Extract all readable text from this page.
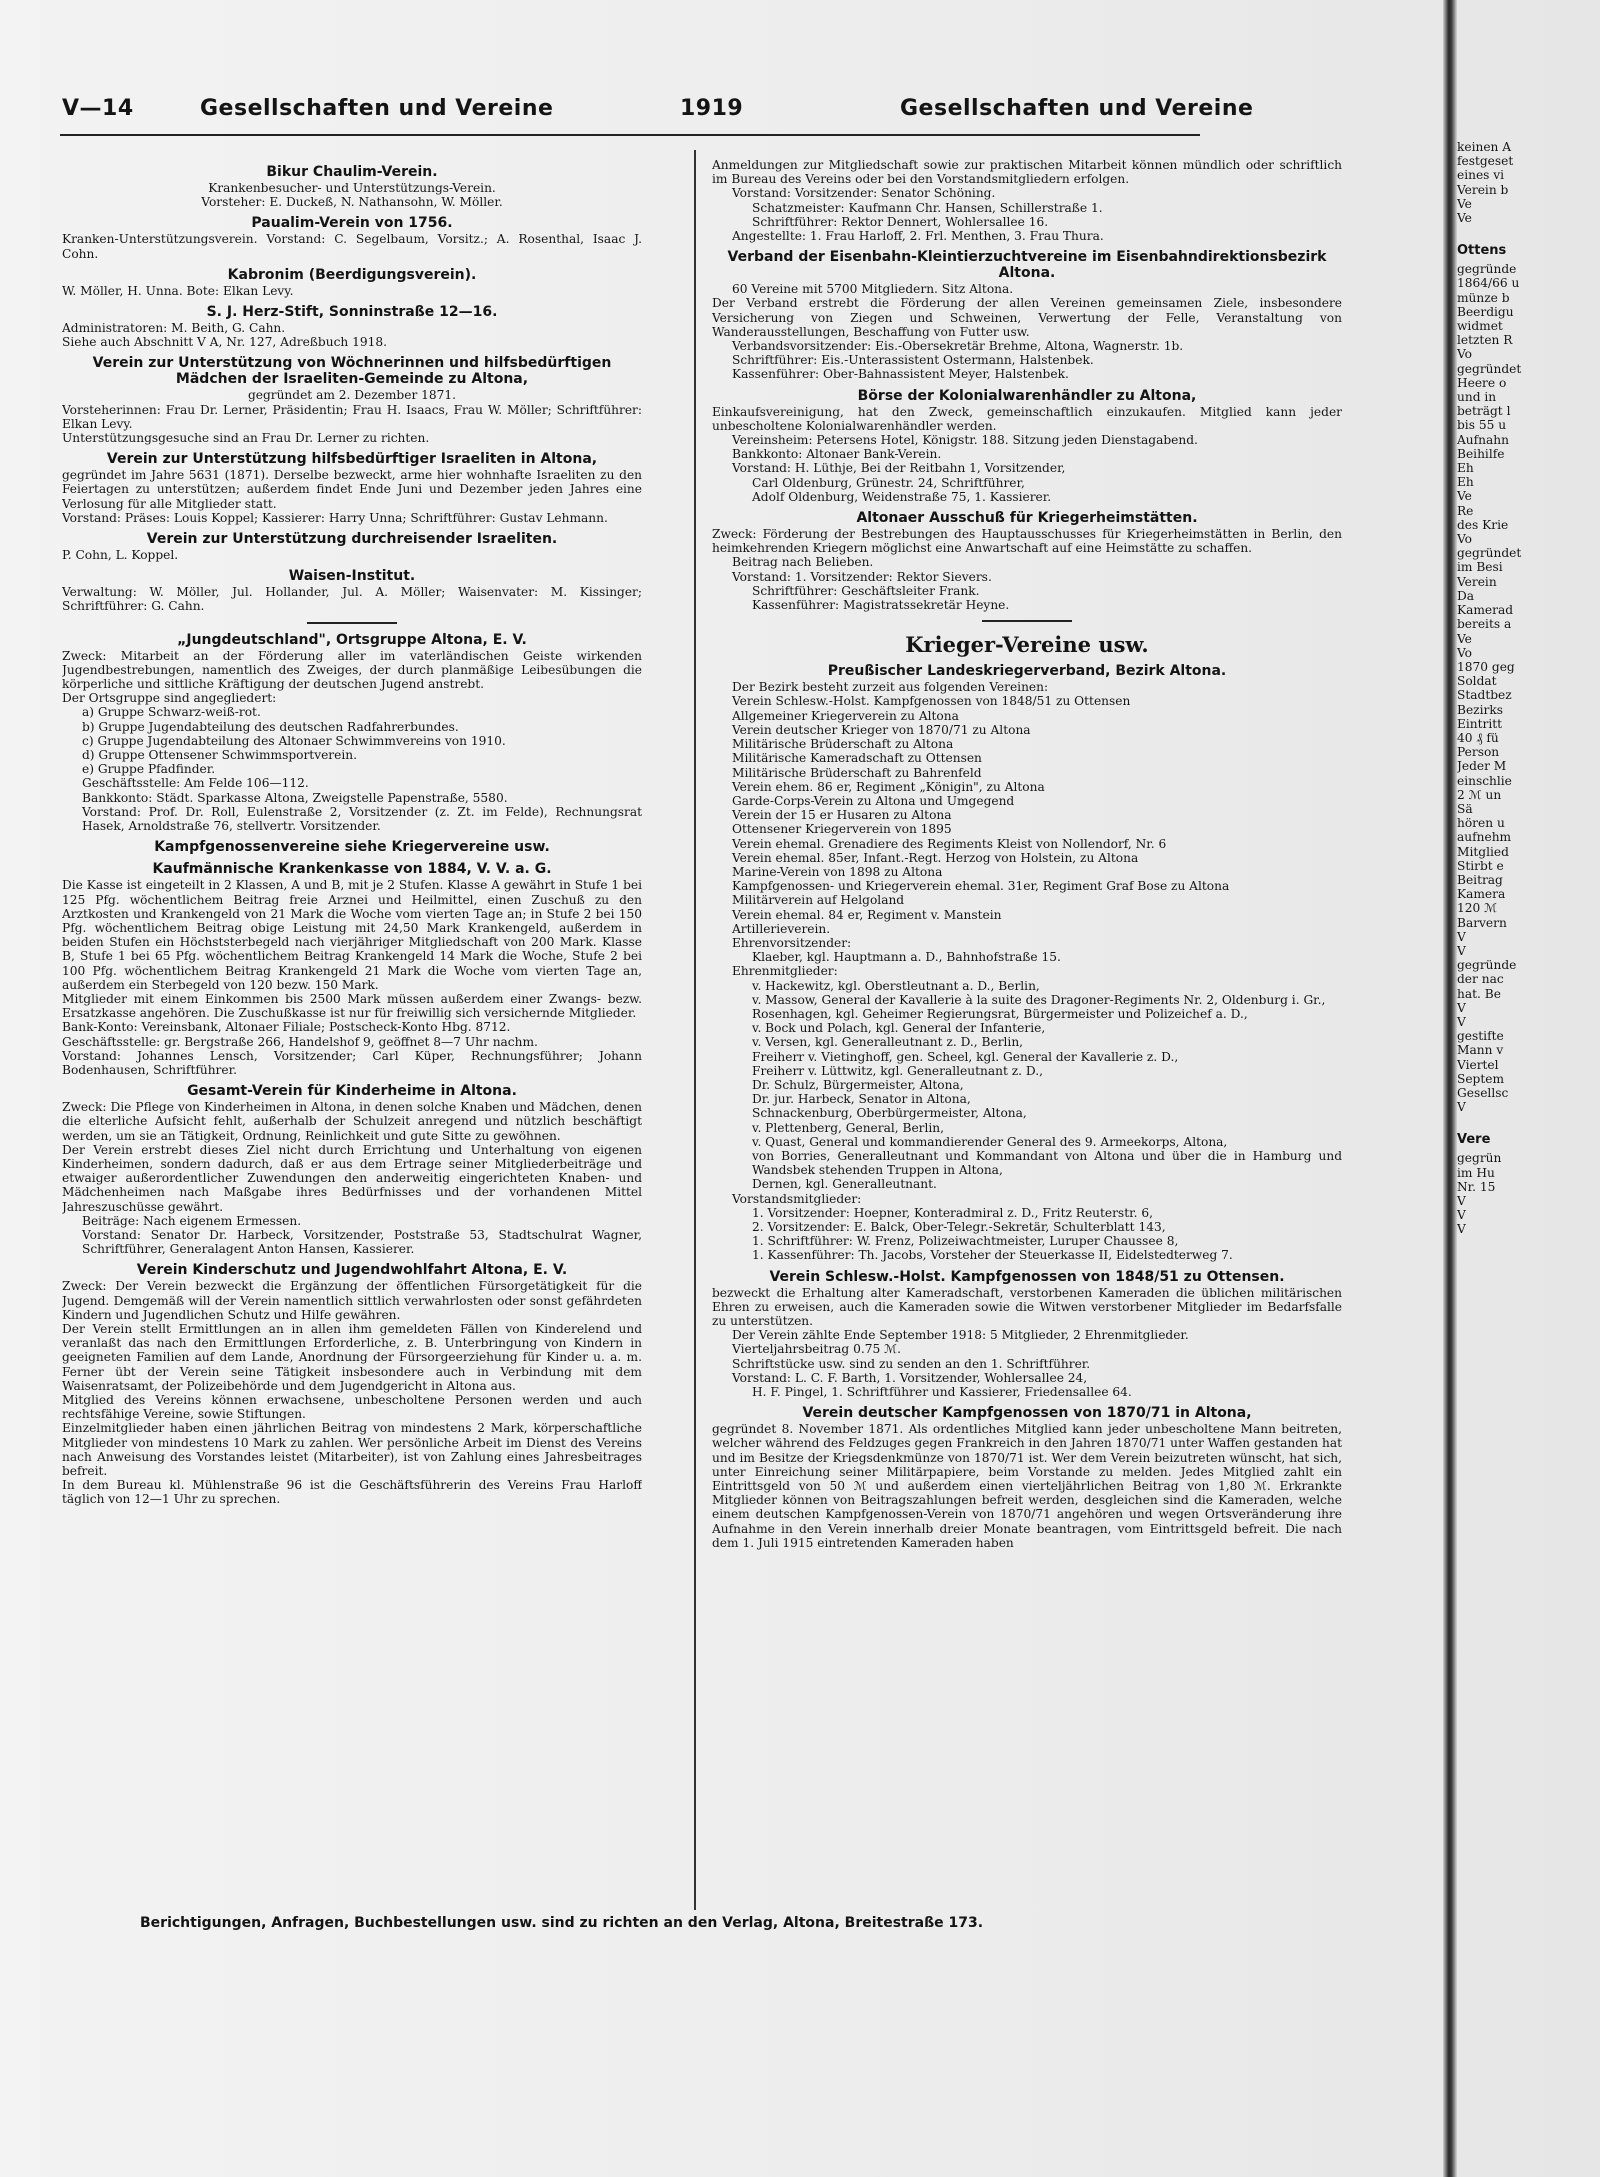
V—14	Gesellschaften und Vereine	1919	Gesellschaften und Vereine

Bikur Chaulim-Verein.

Krankenbesucher- und Unterstützungs-Verein.

Vorsteher: E. Duckeß, N. Nathansohn, W. Möller.

Paualim-Verein von 1756.

Kranken-Unterstützungsverein. Vorstand: C. Segelbaum, Vorsitz.; A. Rosenthal, Isaac J. Cohn.

Kabronim (Beerdigungsverein).

W. Möller, H. Unna. Bote: Elkan Levy.

S. J. Herz-Stift, Sonninstraße 12—16.

Administratoren: M. Beith, G. Cahn.

Siehe auch Abschnitt V A, Nr. 127, Adreßbuch 1918.

Verein zur Unterstützung von Wöchnerinnen und hilfsbedürftigen Mädchen der Israeliten-Gemeinde zu Altona,

gegründet am 2. Dezember 1871.

Vorsteherinnen: Frau Dr. Lerner, Präsidentin; Frau H. Isaacs, Frau W. Möller; Schriftführer: Elkan Levy.

Unterstützungsgesuche sind an Frau Dr. Lerner zu richten.

Verein zur Unterstützung hilfsbedürftiger Israeliten in Altona,

gegründet im Jahre 5631 (1871). Derselbe bezweckt, arme hier wohnhafte Israeliten zu den Feiertagen zu unterstützen; außerdem findet Ende Juni und Dezember jeden Jahres eine Verlosung für alle Mitglieder statt.

Vorstand: Präses: Louis Koppel; Kassierer: Harry Unna; Schriftführer: Gustav Lehmann.

Verein zur Unterstützung durchreisender Israeliten.

P. Cohn, L. Koppel.

Waisen-Institut.

Verwaltung: W. Möller, Jul. Hollander, Jul. A. Möller; Waisenvater: M. Kissinger; Schriftführer: G. Cahn.

„Jungdeutschland", Ortsgruppe Altona, E. V.

Zweck: Mitarbeit an der Förderung aller im vaterländischen Geiste wirkenden Jugendbestrebungen, namentlich des Zweiges, der durch planmäßige Leibesübungen die körperliche und sittliche Kräftigung der deutschen Jugend anstrebt.

Der Ortsgruppe sind angegliedert:

a) Gruppe Schwarz-weiß-rot.

b) Gruppe Jugendabteilung des deutschen Radfahrerbundes.

c) Gruppe Jugendabteilung des Altonaer Schwimmvereins von 1910.

d) Gruppe Ottensener Schwimmsportverein.

e) Gruppe Pfadfinder.

Geschäftsstelle: Am Felde 106—112.

Bankkonto: Städt. Sparkasse Altona, Zweigstelle Papenstraße, 5580.

Vorstand: Prof. Dr. Roll, Eulenstraße 2, Vorsitzender (z. Zt. im Felde), Rechnungsrat Hasek, Arnoldstraße 76, stellvertr. Vorsitzender.

Kampfgenossenvereine siehe Kriegervereine usw.

Kaufmännische Krankenkasse von 1884, V. V. a. G.

Die Kasse ist eingeteilt in 2 Klassen, A und B, mit je 2 Stufen. Klasse A gewährt in Stufe 1 bei 125 Pfg. wöchentlichem Beitrag freie Arznei und Heilmittel, einen Zuschuß zu den Arztkosten und Krankengeld von 21 Mark die Woche vom vierten Tage an; in Stufe 2 bei 150 Pfg. wöchentlichem Beitrag obige Leistung mit 24,50 Mark Krankengeld, außerdem in beiden Stufen ein Höchststerbegeld nach vierjähriger Mitgliedschaft von 200 Mark. Klasse B, Stufe 1 bei 65 Pfg. wöchentlichem Beitrag Krankengeld 14 Mark die Woche, Stufe 2 bei 100 Pfg. wöchentlichem Beitrag Krankengeld 21 Mark die Woche vom vierten Tage an, außerdem ein Sterbegeld von 120 bezw. 150 Mark.

Mitglieder mit einem Einkommen bis 2500 Mark müssen außerdem einer Zwangs- bezw. Ersatzkasse angehören. Die Zuschußkasse ist nur für freiwillig sich versichernde Mitglieder.

Bank-Konto: Vereinsbank, Altonaer Filiale; Postscheck-Konto Hbg. 8712.

Geschäftsstelle: gr. Bergstraße 266, Handelshof 9, geöffnet 8—7 Uhr nachm.

Vorstand: Johannes Lensch, Vorsitzender; Carl Küper, Rechnungsführer; Johann Bodenhausen, Schriftführer.

Gesamt-Verein für Kinderheime in Altona.

Zweck: Die Pflege von Kinderheimen in Altona, in denen solche Knaben und Mädchen, denen die elterliche Aufsicht fehlt, außerhalb der Schulzeit anregend und nützlich beschäftigt werden, um sie an Tätigkeit, Ordnung, Reinlichkeit und gute Sitte zu gewöhnen.

Der Verein erstrebt dieses Ziel nicht durch Errichtung und Unterhaltung von eigenen Kinderheimen, sondern dadurch, daß er aus dem Ertrage seiner Mitgliederbeiträge und etwaiger außerordentlicher Zuwendungen den anderweitig eingerichteten Knaben- und Mädchenheimen nach Maßgabe ihres Bedürfnisses und der vorhandenen Mittel Jahreszuschüsse gewährt.

Beiträge: Nach eigenem Ermessen.

Vorstand: Senator Dr. Harbeck, Vorsitzender, Poststraße 53, Stadtschulrat Wagner, Schriftführer, Generalagent Anton Hansen, Kassierer.

Verein Kinderschutz und Jugendwohlfahrt Altona, E. V.

Zweck: Der Verein bezweckt die Ergänzung der öffentlichen Fürsorgetätigkeit für die Jugend. Demgemäß will der Verein namentlich sittlich verwahrlosten oder sonst gefährdeten Kindern und Jugendlichen Schutz und Hilfe gewähren.

Der Verein stellt Ermittlungen an in allen ihm gemeldeten Fällen von Kinderelend und veranlaßt das nach den Ermittlungen Erforderliche, z. B. Unterbringung von Kindern in geeigneten Familien auf dem Lande, Anordnung der Fürsorgeerziehung für Kinder u. a. m. Ferner übt der Verein seine Tätigkeit insbesondere auch in Verbindung mit dem Waisenratsamt, der Polizeibehörde und dem Jugendgericht in Altona aus.

Mitglied des Vereins können erwachsene, unbescholtene Personen werden und auch rechtsfähige Vereine, sowie Stiftungen.

Einzelmitglieder haben einen jährlichen Beitrag von mindestens 2 Mark, körperschaftliche Mitglieder von mindestens 10 Mark zu zahlen. Wer persönliche Arbeit im Dienst des Vereins nach Anweisung des Vorstandes leistet (Mitarbeiter), ist von Zahlung eines Jahresbeitrages befreit.

In dem Bureau kl. Mühlenstraße 96 ist die Geschäftsführerin des Vereins Frau Harloff täglich von 12—1 Uhr zu sprechen.

Anmeldungen zur Mitgliedschaft sowie zur praktischen Mitarbeit können mündlich oder schriftlich im Bureau des Vereins oder bei den Vorstandsmitgliedern erfolgen.

Vorstand: Vorsitzender: Senator Schöning.

Schatzmeister: Kaufmann Chr. Hansen, Schillerstraße 1.

Schriftführer: Rektor Dennert, Wohlersallee 16.

Angestellte: 1. Frau Harloff, 2. Frl. Menthen, 3. Frau Thura.

Verband der Eisenbahn-Kleintierzuchtvereine im Eisenbahndirektionsbezirk Altona.

60 Vereine mit 5700 Mitgliedern. Sitz Altona.

Der Verband erstrebt die Förderung der allen Vereinen gemeinsamen Ziele, insbesondere Versicherung von Ziegen und Schweinen, Verwertung der Felle, Veranstaltung von Wanderausstellungen, Beschaffung von Futter usw.

Verbandsvorsitzender: Eis.-Obersekretär Brehme, Altona, Wagnerstr. 1b.

Schriftführer: Eis.-Unterassistent Ostermann, Halstenbek.

Kassenführer: Ober-Bahnassistent Meyer, Halstenbek.

Börse der Kolonialwarenhändler zu Altona,

Einkaufsvereinigung, hat den Zweck, gemeinschaftlich einzukaufen. Mitglied kann jeder unbescholtene Kolonialwarenhändler werden.

Vereinsheim: Petersens Hotel, Königstr. 188. Sitzung jeden Dienstagabend.

Bankkonto: Altonaer Bank-Verein.

Vorstand: H. Lüthje, Bei der Reitbahn 1, Vorsitzender,

Carl Oldenburg, Grünestr. 24, Schriftführer,

Adolf Oldenburg, Weidenstraße 75, 1. Kassierer.

Altonaer Ausschuß für Kriegerheimstätten.

Zweck: Förderung der Bestrebungen des Hauptausschusses für Kriegerheimstätten in Berlin, den heimkehrenden Kriegern möglichst eine Anwartschaft auf eine Heimstätte zu schaffen.

Beitrag nach Belieben.

Vorstand: 1. Vorsitzender: Rektor Sievers.

Schriftführer: Geschäftsleiter Frank.

Kassenführer: Magistratssekretär Heyne.

Krieger-Vereine usw.

Preußischer Landeskriegerverband, Bezirk Altona.

Der Bezirk besteht zurzeit aus folgenden Vereinen:

Verein Schlesw.-Holst. Kampfgenossen von 1848/51 zu Ottensen

Allgemeiner Kriegerverein zu Altona

Verein deutscher Krieger von 1870/71 zu Altona

Militärische Brüderschaft zu Altona

Militärische Kameradschaft zu Ottensen

Militärische Brüderschaft zu Bahrenfeld

Verein ehem. 86 er, Regiment „Königin", zu Altona

Garde-Corps-Verein zu Altona und Umgegend

Verein der 15 er Husaren zu Altona

Ottensener Kriegerverein von 1895

Verein ehemal. Grenadiere des Regiments Kleist von Nollendorf, Nr. 6

Verein ehemal. 85er, Infant.-Regt. Herzog von Holstein, zu Altona

Marine-Verein von 1898 zu Altona

Kampfgenossen- und Kriegerverein ehemal. 31er, Regiment Graf Bose zu Altona

Militärverein auf Helgoland

Verein ehemal. 84 er, Regiment v. Manstein

Artillerieverein.

Ehrenvorsitzender:

Klaeber, kgl. Hauptmann a. D., Bahnhofstraße 15.

Ehrenmitglieder:

v. Hackewitz, kgl. Oberstleutnant a. D., Berlin,

v. Massow, General der Kavallerie à la suite des Dragoner-Regiments Nr. 2, Oldenburg i. Gr.,

Rosenhagen, kgl. Geheimer Regierungsrat, Bürgermeister und Polizeichef a. D.,

v. Bock und Polach, kgl. General der Infanterie,

v. Versen, kgl. Generalleutnant z. D., Berlin,

Freiherr v. Vietinghoff, gen. Scheel, kgl. General der Kavallerie z. D.,

Freiherr v. Lüttwitz, kgl. Generalleutnant z. D.,

Dr. Schulz, Bürgermeister, Altona,

Dr. jur. Harbeck, Senator in Altona,

Schnackenburg, Oberbürgermeister, Altona,

v. Plettenberg, General, Berlin,

v. Quast, General und kommandierender General des 9. Armeekorps, Altona,

von Borries, Generalleutnant und Kommandant von Altona und über die in Hamburg und Wandsbek stehenden Truppen in Altona,

Dernen, kgl. Generalleutnant.

Vorstandsmitglieder:

1. Vorsitzender: Hoepner, Konteradmiral z. D., Fritz Reuterstr. 6,

2. Vorsitzender: E. Balck, Ober-Telegr.-Sekretär, Schulterblatt 143,

1. Schriftführer: W. Frenz, Polizeiwachtmeister, Luruper Chaussee 8,

1. Kassenführer: Th. Jacobs, Vorsteher der Steuerkasse II, Eidelstedterweg 7.

Verein Schlesw.-Holst. Kampfgenossen von 1848/51 zu Ottensen.

bezweckt die Erhaltung alter Kameradschaft, verstorbenen Kameraden die üblichen militärischen Ehren zu erweisen, auch die Kameraden sowie die Witwen verstorbener Mitglieder im Bedarfsfalle zu unterstützen.

Der Verein zählte Ende September 1918: 5 Mitglieder, 2 Ehrenmitglieder.

Vierteljahrsbeitrag 0.75 ℳ.

Schriftstücke usw. sind zu senden an den 1. Schriftführer.

Vorstand: L. C. F. Barth, 1. Vorsitzender, Wohlersallee 24,

H. F. Pingel, 1. Schriftführer und Kassierer, Friedensallee 64.

Verein deutscher Kampfgenossen von 1870/71 in Altona,

gegründet 8. November 1871. Als ordentliches Mitglied kann jeder unbescholtene Mann beitreten, welcher während des Feldzuges gegen Frankreich in den Jahren 1870/71 unter Waffen gestanden hat und im Besitze der Kriegsdenkmünze von 1870/71 ist. Wer dem Verein beizutreten wünscht, hat sich, unter Einreichung seiner Militärpapiere, beim Vorstande zu melden. Jedes Mitglied zahlt ein Eintrittsgeld von 50 ℳ und außerdem einen vierteljährlichen Beitrag von 1,80 ℳ. Erkrankte Mitglieder können von Beitragszahlungen befreit werden, desgleichen sind die Kameraden, welche einem deutschen Kampfgenossen-Verein von 1870/71 angehören und wegen Ortsveränderung ihre Aufnahme in den Verein innerhalb dreier Monate beantragen, vom Eintrittsgeld befreit. Die nach dem 1. Juli 1915 eintretenden Kameraden haben

Berichtigungen, Anfragen, Buchbestellungen usw. sind zu richten an den Verlag, Altona, Breitestraße 173.

keinen A

festgeset

eines vi

Verein b

Ve

Ve

Ottens

gegründe

1864/66 u

münze b

Beerdigu

widmet

letzten R

Vo

gegründet

Heere o

und in

beträgt l

bis 55 u

Aufnahn

Beihilfe

Eh

Eh

Ve

Re

des Krie

Vo

gegründet

im Besi

Verein

Da

Kamerad

bereits a

Ve

Vo

1870 geg

Soldat

Stadtbez

Bezirks

Eintritt

40 ₰ fü

Person

Jeder M

einschlie

2 ℳ un

Sä

hören u

aufnehm

Mitglied

Stirbt e

Beitrag

Kamera

120 ℳ

Barvern

V

V

gegründe

der nac

hat. Be

V

V

gestifte

Mann v

Viertel

Septem

Gesellsc

V

Vere

gegrün

im Hu

Nr. 15

V

V

V
